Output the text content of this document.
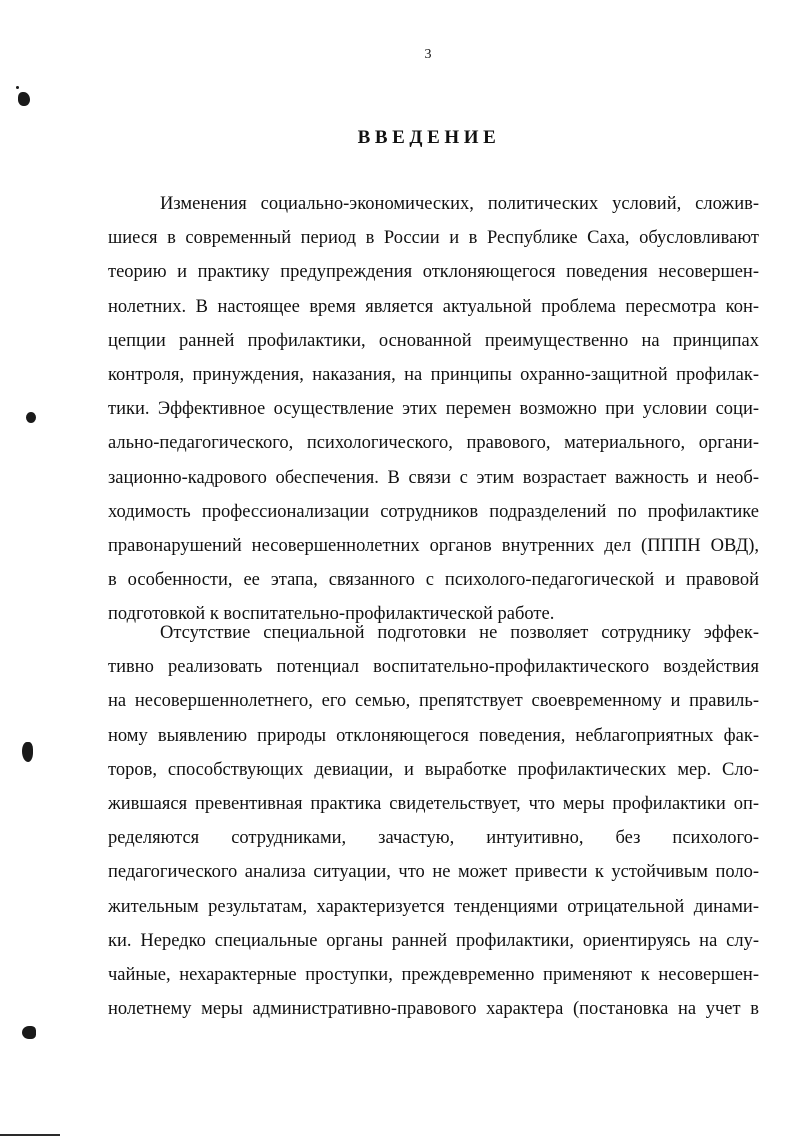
3
ВВЕДЕНИЕ
Изменения социально-экономических, политических условий, сложив-
шиеся в современный период в России и в Республике Саха, обусловливают
теорию и практику предупреждения отклоняющегося поведения несовершен-
нолетних. В настоящее время является актуальной проблема пересмотра кон-
цепции ранней профилактики, основанной преимущественно на принципах
контроля, принуждения, наказания, на принципы охранно-защитной профилак-
тики. Эффективное осуществление этих перемен возможно при условии соци-
ально-педагогического, психологического, правового, материального, органи-
зационно-кадрового обеспечения. В связи с этим возрастает важность и необ-
ходимость профессионализации сотрудников подразделений по профилактике
правонарушений несовершеннолетних органов внутренних дел (ПППН ОВД),
в особенности, ее этапа, связанного с психолого-педагогической и правовой
подготовкой к воспитательно-профилактической работе.
Отсутствие специальной подготовки не позволяет сотруднику эффек-
тивно реализовать потенциал воспитательно-профилактического воздействия
на несовершеннолетнего, его семью, препятствует своевременному и правиль-
ному выявлению природы отклоняющегося поведения, неблагоприятных фак-
торов, способствующих девиации, и выработке профилактических мер. Сло-
жившаяся превентивная практика свидетельствует, что меры профилактики оп-
ределяются сотрудниками, зачастую, интуитивно, без психолого-
педагогического анализа ситуации, что не может привести к устойчивым поло-
жительным результатам, характеризуется тенденциями отрицательной динами-
ки. Нередко специальные органы ранней профилактики, ориентируясь на слу-
чайные, нехарактерные проступки, преждевременно применяют к несовершен-
нолетнему меры административно-правового характера (постановка на учет в
